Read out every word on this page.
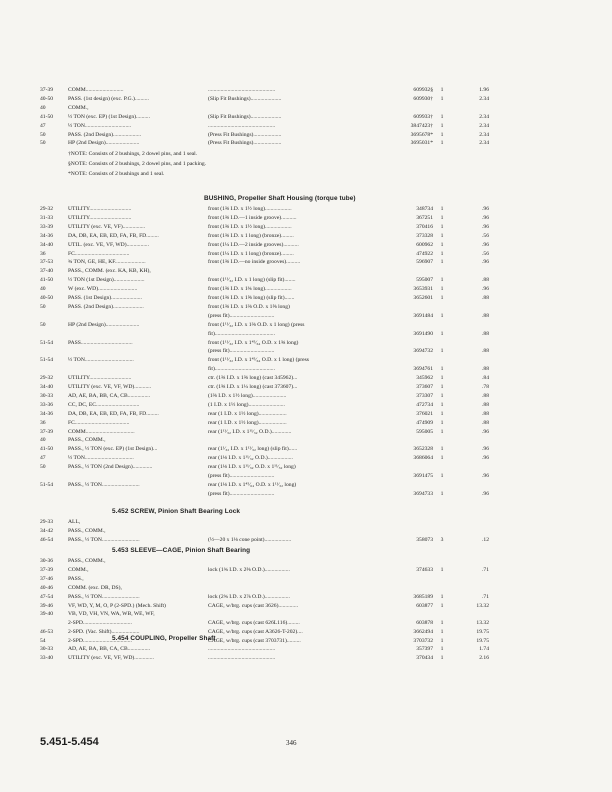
37-39	COMM...........................	................................................	609932§	1	1.96
40-50	PASS. (1st design) (exc. P.G.)..........	(Slip Fit Bushings)......................	609930†	1	2.34
40	COMM.,
41-50	½ TON (exc. EP) (1st Design)..........	(Slip Fit Bushings)......................	609933†	1	2.34
47	½ TON.................................	................................................	3847423†	1	2.34
50	PASS. (2nd Design)....................	(Press Fit Bushings)....................	3695678*	1	2.34
50	HP (2nd Design)........................	(Press Fit Bushings)....................	3695031*	1	2.34
†NOTE: Consists of 2 bushings, 2 dowel pins, and 1 seal.
§NOTE: Consists of 2 bushings, 2 dowel pins, and 1 packing.
*NOTE: Consists of 2 bushings and 1 seal.
BUSHING, Propeller Shaft Housing (torque tube)
29-32	UTILITY..............................	front (1⅜ I.D. x 1½ long)...................	348734	1	.96
31-33	UTILITY..............................	front (1⅜ I.D.—1 inside groove)...........	367251	1	.96
33-39	UTILITY (exc. VE, VF)................	front (1⅜ I.D. x 1½ long)...................	370416	1	.96
34-36	DA, DB, EA, EB, ED, FA, FB, FD.........	front (1⅜ I.D. x 1 long) (bronze).........	373328	1	.56
34-40	UTIL. (exc. VE, VF, WD)................	front (1¼ I.D.—2 inside grooves)...........	600962	1	.96
36	FC.......................................	front (1¼ I.D. x 1 long) (bronze).........	474922	1	.56
37-53	¾ TON, GE, HE, KF......................	front (1⅜ I.D.—no inside grooves)..........	596907	1	.96
37-40	PASS., COMM. (exc. KA, KB, KH),
41-50	½ TON (1st Design)......................	front (1¹¹⁄₃₂ I.D. x 1 long) (slip fit)........	595007	1	.88
40	W (exc. WD)............................	front (1⅜ I.D. x 1¾ long)...................	3653931	1	.96
40-50	PASS. (1st Design)......................	front (1⅜ I.D. x 1⅝ long) (slip fit).......	3652601	1	.88
50	PASS. (2nd Design)......................	front (1⅜ I.D. x 1⅜ O.D. x 1⅝ long)
(press fit)................................	3691484	1	.88
50	HP (2nd Design)........................	front (1¹¹⁄₃₂ I.D. x 1⅜ O.D. x 1 long) (press
fit)...........................................	3691490	1	.88
51-54	PASS.....................................	front (1¹¹⁄₃₂ I.D. x 1⁴⁵⁄₆₄ O.D. x 1⅝ long)
(press fit)................................	3694732	1	.88
51-54	½ TON...................................	front (1¹¹⁄₃₂ I.D. x 1⁴⁵⁄₆₄ O.D. x 1 long) (press
fit)...........................................	3694761	1	.88
29-32	UTILITY..............................	ctr. (1⅜ I.D. x 1⅜ long) (cast 345962)...	345962	1	.84
34-40	UTILITY (exc. VE, VF, WD)............	ctr. (1⅝ I.D. x 1¼ long) (cast 373607)...	373607	1	.78
30-33	AD, AE, BA, BB, CA, CB................	(1⅜ I.D. x 1½ long)........................	373307	1	.88
33-36	CC, DC, EC...............................	(1 I.D. x 1½ long)..........................	472734	1	.88
34-36	DA, DB, EA, EB, ED, FA, FB, FD.........	rear (1 I.D. x 1½ long)....................	376021	1	.88
36	FC.......................................	rear (1 I.D. x 1½ long)....................	474909	1	.88
37-39	COMM...................................	rear (1¹¹⁄₃₂ I.D. x 1¹¹⁄₃₂ O.D.)..............	595005	1	.96
40	PASS., COMM.,
41-50	PASS., ½ TON (exc. EP) (1st Design)...	rear (1¹⁄₃₂ I.D. x 1¹¹⁄₃₂ long) (slip fit)......	3652328	1	.96
47	½ TON...................................	rear (1⅛ I.D. x 1¹¹⁄₃₂ O.D.)..................	3686064	1	.96
50	PASS., ½ TON (2nd Design)..............	rear (1⅛ I.D. x 1¹¹⁄₃₂ O.D. x 1¹¹⁄₃₂ long)
(press fit)................................	3691475	1	.96
51-54	PASS., ½ TON...........................	rear (1⅛ I.D. x 1⁴⁵⁄₆₄ O.D. x 1¹¹⁄₃₂ long)
(press fit)................................	3694733	1	.96
5.452 SCREW, Pinion Shaft Bearing Lock
29-33	ALL,
34-42	PASS., COMM.,
46-54	PASS., ½ TON...........................	(½—20 x 1⅛ cone point)...................	358073	3	.12
5.453 SLEEVE—CAGE, Pinion Shaft Bearing
30-36	PASS., COMM.,
37-39	COMM.,	lock (1¾ I.D. x 2⅝ O.D.)..................	374633	1	.71
37-46	PASS.,
40-46	COMM. (exc. DR, DS),
47-54	PASS., ½ TON...........................	lock (2¾ I.D. x 2⅞ O.D.)..................	3685189	1	.71
39-46	VF, WD, Y, M, O, P (2-SPD.) (Mech. Shift)	CAGE, w/brg. cups (cast 3626)..............	603877	1	13.32
39-40	VB, VD, VH, VN, WA, WB, WE, WF,
2-SPD...................................	CAGE, w/brg. cups (cast 626L116).........	603878	1	13.32
46-53	2-SPD. (Vac. Shift)....................	CAGE, w/brg. cups (cast A3626-T-202)....	3662494	1	19.75
54	2-SPD...................................	CAGE, w/brg. cups (cast 3703731)..........	3703732	1	19.75
5.454 COUPLING, Propeller Shaft
30-33	AD, AE, BA, BB, CA, CB................	................................................	357397	1	1.74
33-40	UTILITY (exc. VE, VF, WD)..............	................................................	370434	1	2.16
5.451-5.454	346
